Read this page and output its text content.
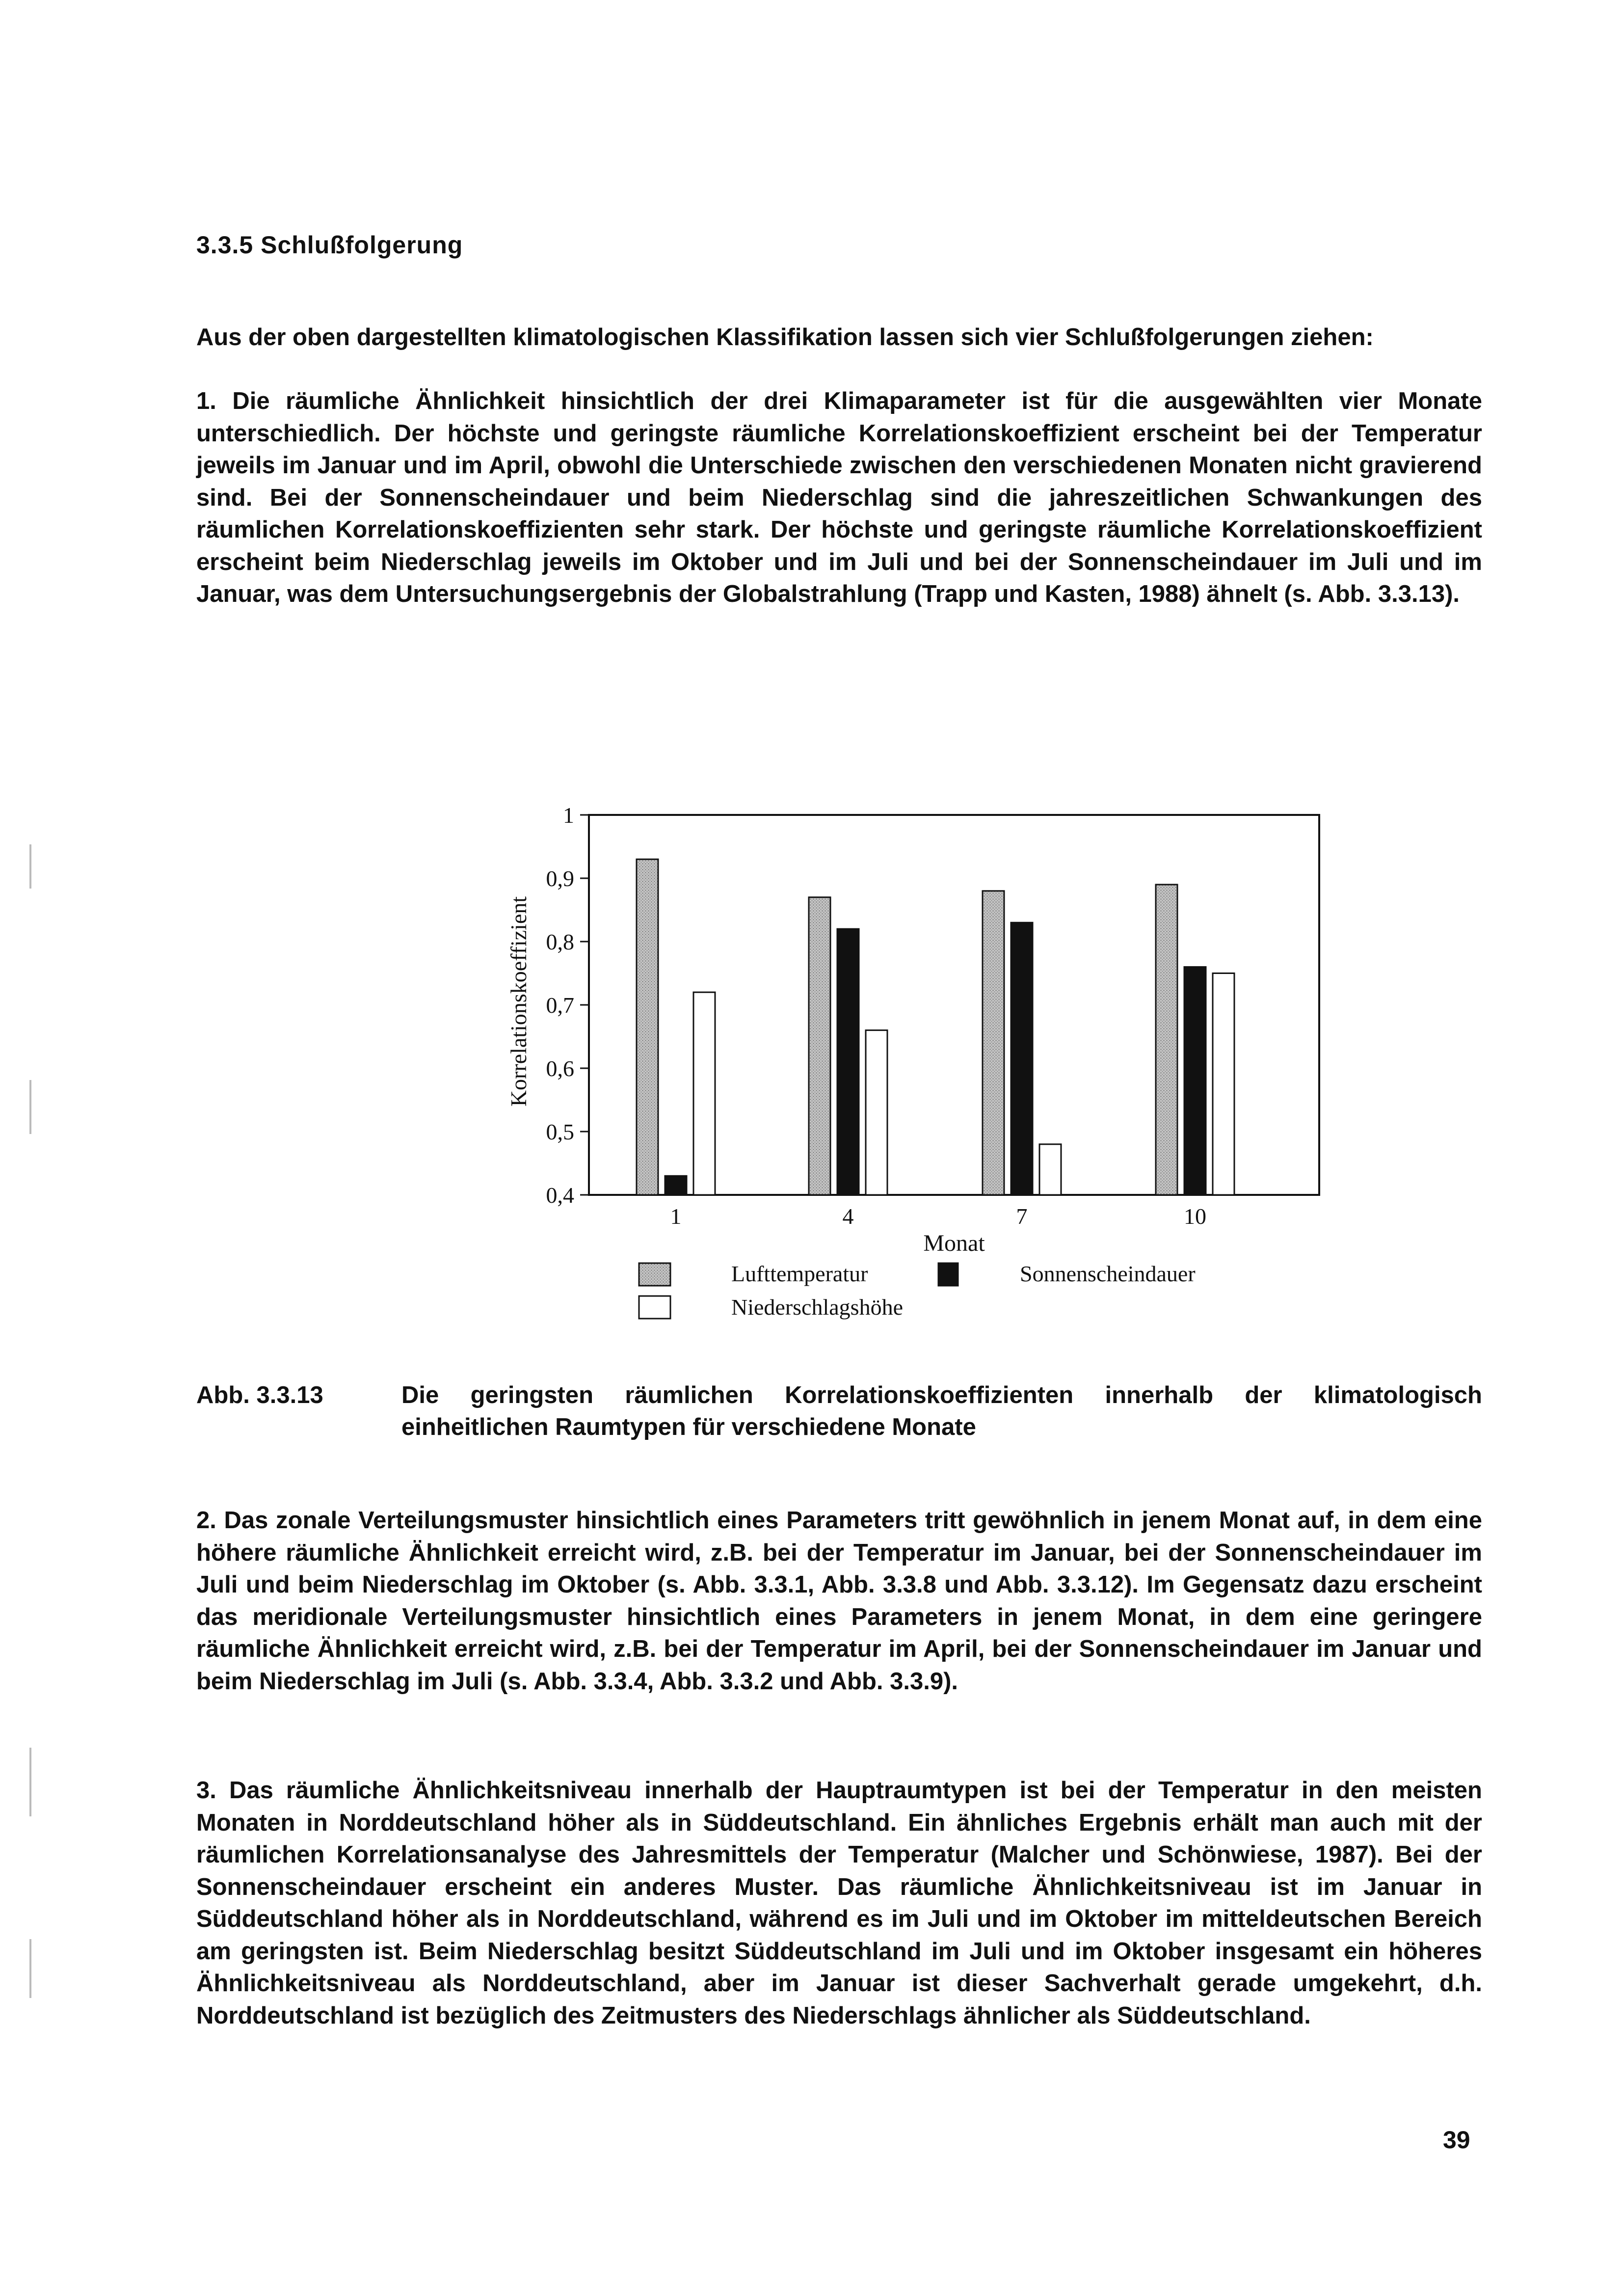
3.3.5 Schlußfolgerung

Aus der oben dargestellten klimatologischen Klassifikation lassen sich vier Schlußfolgerungen ziehen:

1. Die räumliche Ähnlichkeit hinsichtlich der drei Klimaparameter ist für die ausgewählten vier Monate unterschiedlich. Der höchste und geringste räumliche Korrelationskoeffizient erscheint bei der Temperatur jeweils im Januar und im April, obwohl die Unterschiede zwischen den verschiedenen Monaten nicht gravierend sind. Bei der Sonnenscheindauer und beim Niederschlag sind die jahreszeitlichen Schwankungen des räumlichen Korrelationskoeffizienten sehr stark. Der höchste und geringste räumliche Korrelationskoeffizient erscheint beim Niederschlag jeweils im Oktober und im Juli und bei der Sonnenscheindauer im Juli und im Januar, was dem Untersuchungsergebnis der Globalstrahlung (Trapp und Kasten, 1988) ähnelt (s. Abb. 3.3.13).

0,4
0,5
0,6
0,7
0,8
0,9
1
1	4	7	10
Korrelationskoeffizient
Monat
Lufttemperatur	Sonnenscheindauer
Niederschlagshöhe
Abb. 3.3.13	Die geringsten räumlichen Korrelationskoeffizienten innerhalb der klimatologisch einheitlichen Raumtypen für verschiedene Monate

2. Das zonale Verteilungsmuster hinsichtlich eines Parameters tritt gewöhnlich in jenem Monat auf, in dem eine höhere räumliche Ähnlichkeit erreicht wird, z.B. bei der Temperatur im Januar, bei der Sonnenscheindauer im Juli und beim Niederschlag im Oktober (s. Abb. 3.3.1, Abb. 3.3.8 und Abb. 3.3.12). Im Gegensatz dazu erscheint das meridionale Verteilungsmuster hinsichtlich eines Parameters in jenem Monat, in dem eine geringere räumliche Ähnlichkeit erreicht wird, z.B. bei der Temperatur im April, bei der Sonnenscheindauer im Januar und beim Niederschlag im Juli (s. Abb. 3.3.4, Abb. 3.3.2 und Abb. 3.3.9).

3. Das räumliche Ähnlichkeitsniveau innerhalb der Hauptraumtypen ist bei der Temperatur in den meisten Monaten in Norddeutschland höher als in Süddeutschland. Ein ähnliches Ergebnis erhält man auch mit der räumlichen Korrelationsanalyse des Jahresmittels der Temperatur (Malcher und Schönwiese, 1987). Bei der Sonnenscheindauer erscheint ein anderes Muster. Das räumliche Ähnlichkeitsniveau ist im Januar in Süddeutschland höher als in Norddeutschland, während es im Juli und im Oktober im mitteldeutschen Bereich am geringsten ist. Beim Niederschlag besitzt Süddeutschland im Juli und im Oktober insgesamt ein höheres Ähnlichkeitsniveau als Norddeutschland, aber im Januar ist dieser Sachverhalt gerade umgekehrt, d.h. Norddeutschland ist bezüglich des Zeitmusters des Niederschlags ähnlicher als Süddeutschland.

39
